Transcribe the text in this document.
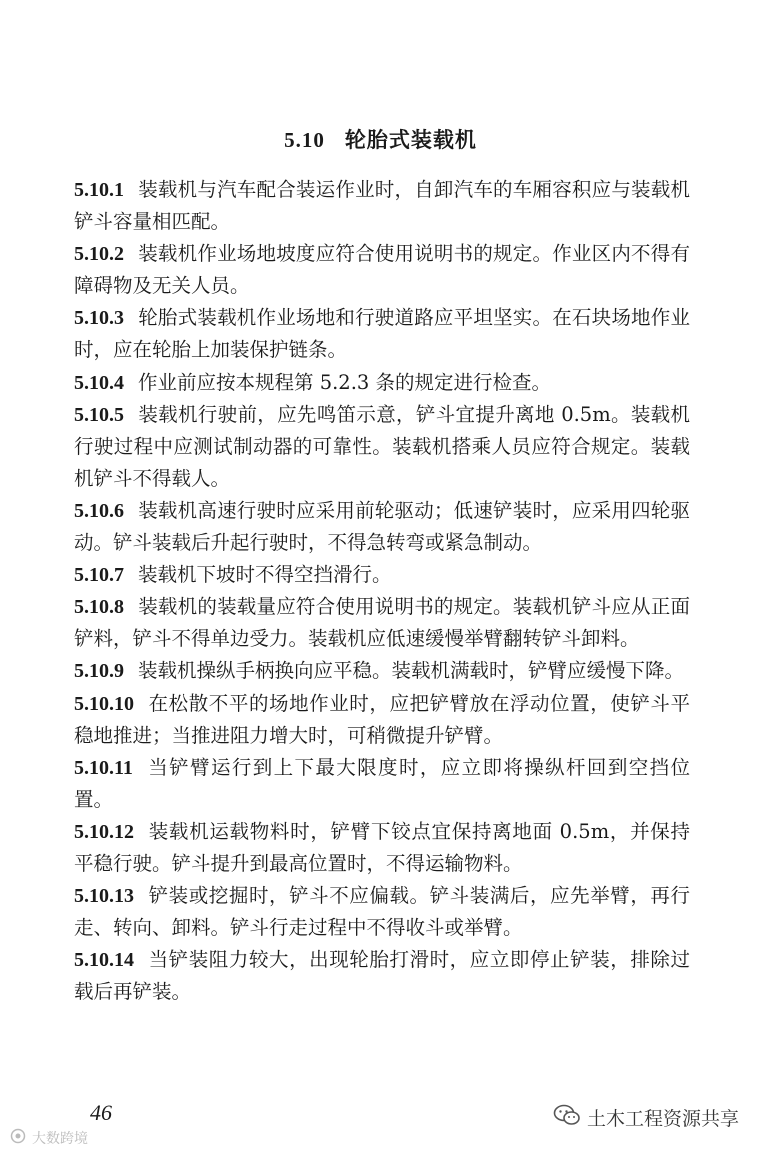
5.10 轮胎式装载机
5.10.1 装载机与汽车配合装运作业时，自卸汽车的车厢容积应与装载机铲斗容量相匹配。
5.10.2 装载机作业场地坡度应符合使用说明书的规定。作业区内不得有障碍物及无关人员。
5.10.3 轮胎式装载机作业场地和行驶道路应平坦坚实。在石块场地作业时，应在轮胎上加装保护链条。
5.10.4 作业前应按本规程第 5.2.3 条的规定进行检查。
5.10.5 装载机行驶前，应先鸣笛示意，铲斗宜提升离地 0.5m。装载机行驶过程中应测试制动器的可靠性。装载机搭乘人员应符合规定。装载机铲斗不得载人。
5.10.6 装载机高速行驶时应采用前轮驱动；低速铲装时，应采用四轮驱动。铲斗装载后升起行驶时，不得急转弯或紧急制动。
5.10.7 装载机下坡时不得空挡滑行。
5.10.8 装载机的装载量应符合使用说明书的规定。装载机铲斗应从正面铲料，铲斗不得单边受力。装载机应低速缓慢举臂翻转铲斗卸料。
5.10.9 装载机操纵手柄换向应平稳。装载机满载时，铲臂应缓慢下降。
5.10.10 在松散不平的场地作业时，应把铲臂放在浮动位置，使铲斗平稳地推进；当推进阻力增大时，可稍微提升铲臂。
5.10.11 当铲臂运行到上下最大限度时，应立即将操纵杆回到空挡位置。
5.10.12 装载机运载物料时，铲臂下铰点宜保持离地面 0.5m，并保持平稳行驶。铲斗提升到最高位置时，不得运输物料。
5.10.13 铲装或挖掘时，铲斗不应偏载。铲斗装满后，应先举臂，再行走、转向、卸料。铲斗行走过程中不得收斗或举臂。
5.10.14 当铲装阻力较大，出现轮胎打滑时，应立即停止铲装，排除过载后再铲装。
46	土木工程资源共享
大数跨境
